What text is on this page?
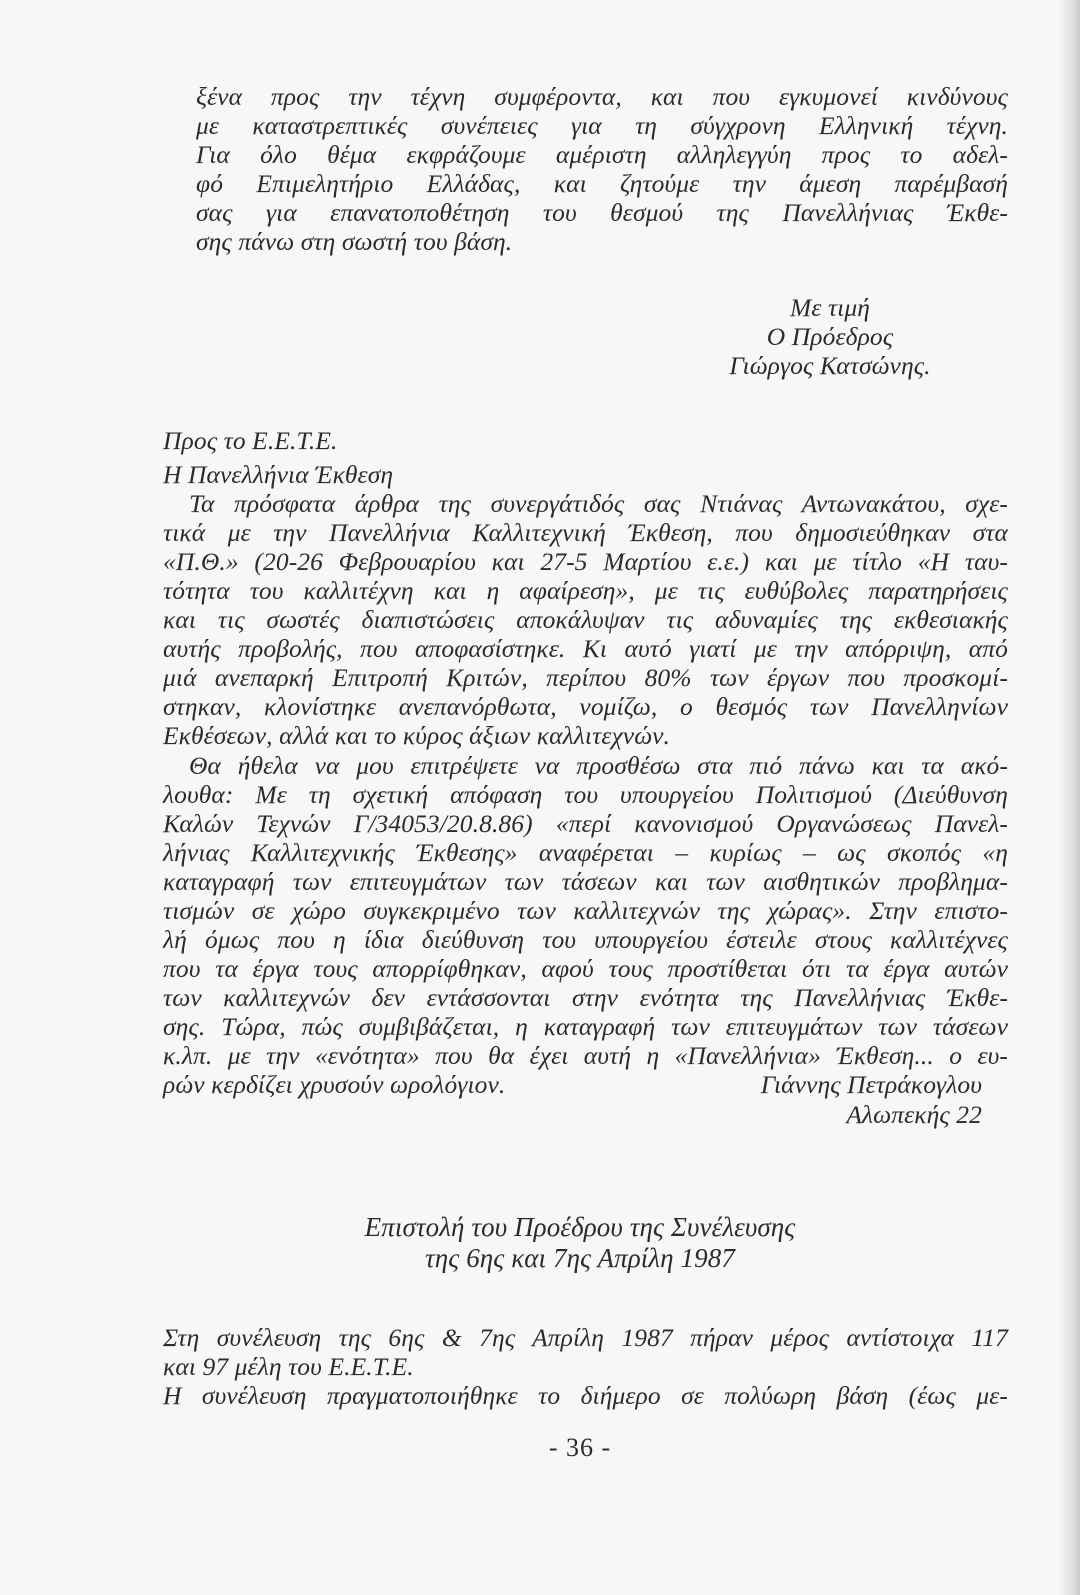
ξένα προς την τέχνη συμφέροντα, και που εγκυμονεί κινδύνους
με καταστρεπτικές συνέπειες για τη σύγχρονη Ελληνική τέχνη.
Για όλο θέμα εκφράζουμε αμέριστη αλληλεγγύη προς το αδελ-
φό Επιμελητήριο Ελλάδας, και ζητούμε την άμεση παρέμβασή
σας για επανατοποθέτηση του θεσμού της Πανελλήνιας Έκθε-
σης πάνω στη σωστή του βάση.
Με τιμή
Ο Πρόεδρος
Γιώργος Κατσώνης.
Προς το Ε.Ε.Τ.Ε.
Η Πανελλήνια Έκθεση
Τα πρόσφατα άρθρα της συνεργάτιδός σας Ντιάνας Αντωνακάτου, σχε-
τικά με την Πανελλήνια Καλλιτεχνική Έκθεση, που δημοσιεύθηκαν στα
«Π.Θ.» (20-26 Φεβρουαρίου και 27-5 Μαρτίου ε.ε.) και με τίτλο «Η ταυ-
τότητα του καλλιτέχνη και η αφαίρεση», με τις ευθύβολες παρατηρήσεις
και τις σωστές διαπιστώσεις αποκάλυψαν τις αδυναμίες της εκθεσιακής
αυτής προβολής, που αποφασίστηκε. Κι αυτό γιατί με την απόρριψη, από
μιά ανεπαρκή Επιτροπή Κριτών, περίπου 80% των έργων που προσκομί-
στηκαν, κλονίστηκε ανεπανόρθωτα, νομίζω, ο θεσμός των Πανελληνίων
Εκθέσεων, αλλά και το κύρος άξιων καλλιτεχνών.
Θα ήθελα να μου επιτρέψετε να προσθέσω στα πιό πάνω και τα ακό-
λουθα: Με τη σχετική απόφαση του υπουργείου Πολιτισμού (Διεύθυνση
Καλών Τεχνών Γ/34053/20.8.86) «περί κανονισμού Οργανώσεως Πανελ-
λήνιας Καλλιτεχνικής Έκθεσης» αναφέρεται – κυρίως – ως σκοπός «η
καταγραφή των επιτευγμάτων των τάσεων και των αισθητικών προβλημα-
τισμών σε χώρο συγκεκριμένο των καλλιτεχνών της χώρας». Στην επιστο-
λή όμως που η ίδια διεύθυνση του υπουργείου έστειλε στους καλλιτέχνες
που τα έργα τους απορρίφθηκαν, αφού τους προστίθεται ότι τα έργα αυτών
των καλλιτεχνών δεν εντάσσονται στην ενότητα της Πανελλήνιας Έκθε-
σης. Τώρα, πώς συμβιβάζεται, η καταγραφή των επιτευγμάτων των τάσεων
κ.λπ. με την «ενότητα» που θα έχει αυτή η «Πανελλήνια» Έκθεση... ο ευ-
ρών κερδίζει χρυσούν ωρολόγιον.	Γιάννης Πετράκογλου
Αλωπεκής 22
Επιστολή του Προέδρου της Συνέλευσης
της 6ης και 7ης Απρίλη 1987
Στη συνέλευση της 6ης & 7ης Απρίλη 1987 πήραν μέρος αντίστοιχα 117
και 97 μέλη του Ε.Ε.Τ.Ε.
Η συνέλευση πραγματοποιήθηκε το διήμερο σε πολύωρη βάση (έως με-
- 36 -
